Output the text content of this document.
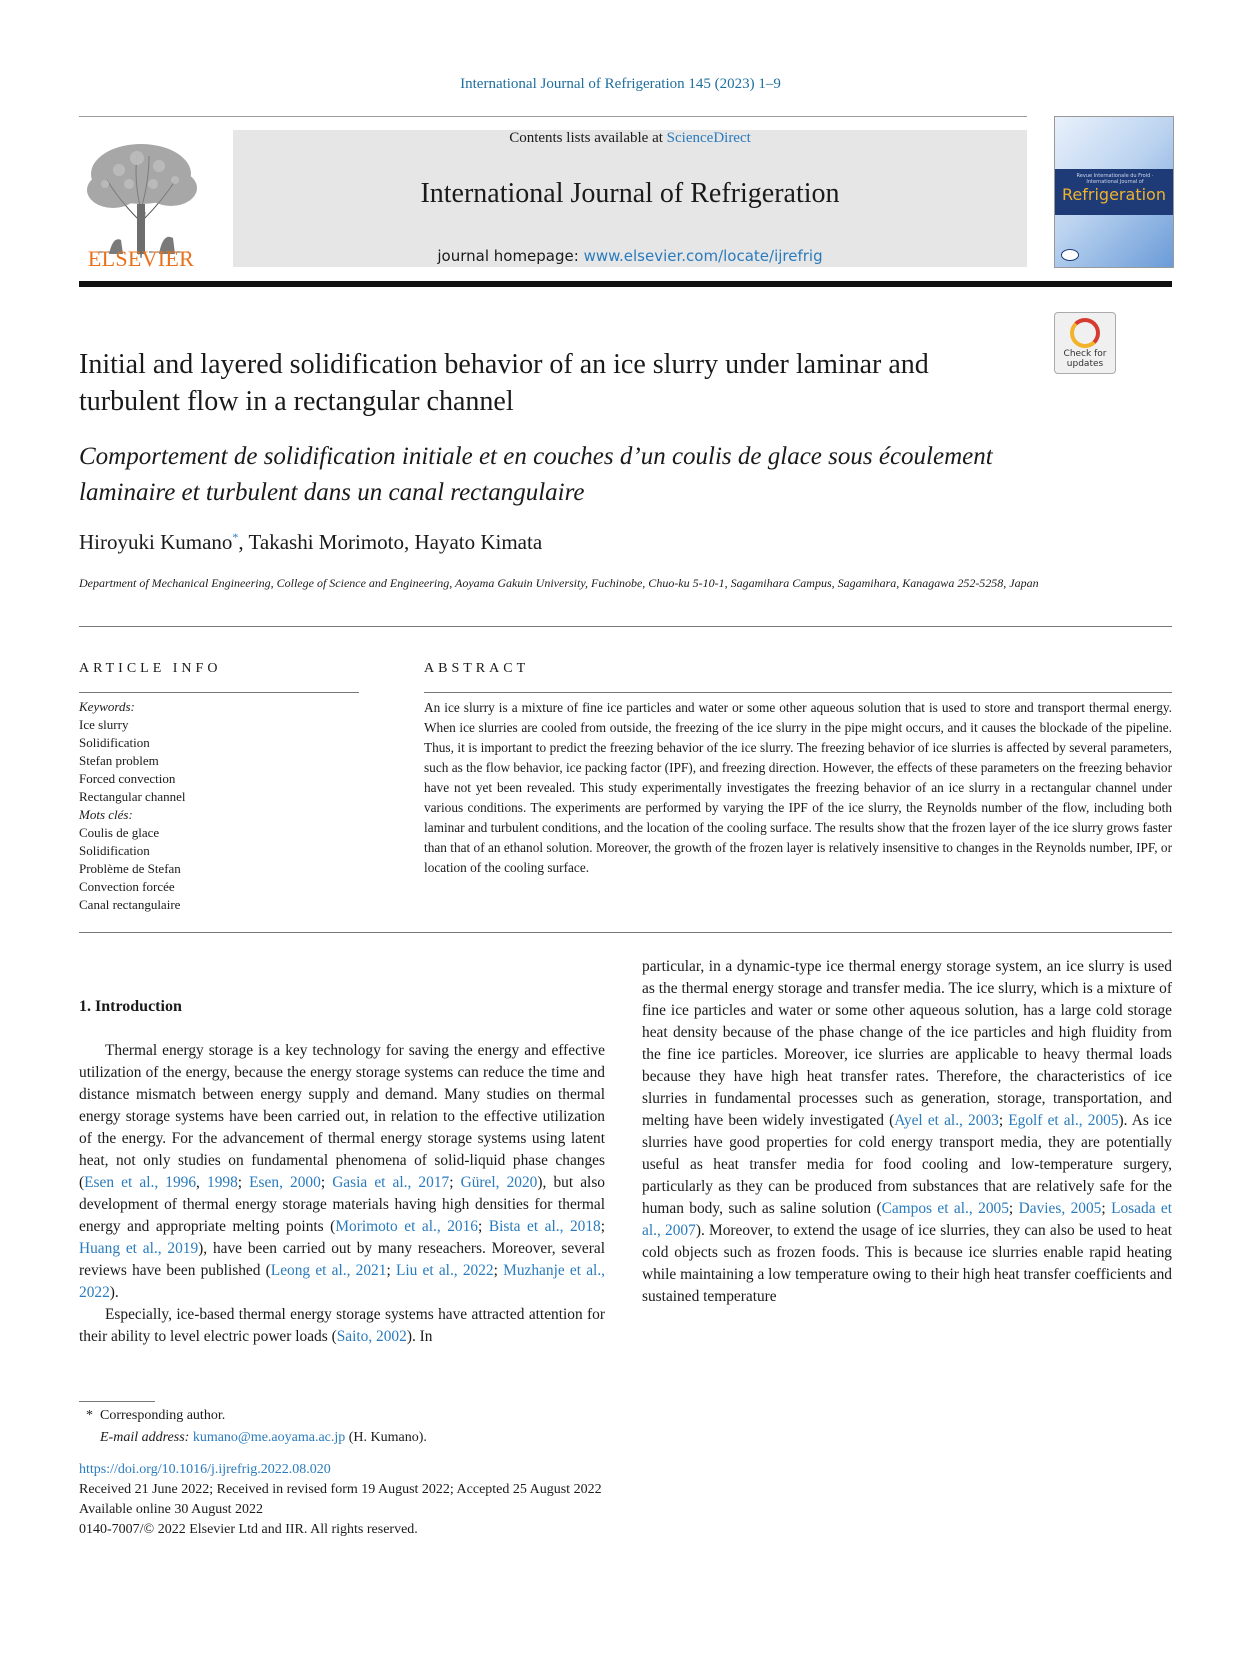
International Journal of Refrigeration 145 (2023) 1–9
ELSEVIER
Contents lists available at ScienceDirect
International Journal of Refrigeration
journal homepage: www.elsevier.com/locate/ijrefrig
Revue Internationale du Froid · International Journal of
Refrigeration
Check for
updates
Initial and layered solidification behavior of an ice slurry under laminar and turbulent flow in a rectangular channel
Comportement de solidification initiale et en couches d’un coulis de glace sous écoulement laminaire et turbulent dans un canal rectangulaire
Hiroyuki Kumano*, Takashi Morimoto, Hayato Kimata
Department of Mechanical Engineering, College of Science and Engineering, Aoyama Gakuin University, Fuchinobe, Chuo-ku 5-10-1, Sagamihara Campus, Sagamihara, Kanagawa 252-5258, Japan
ARTICLE INFO	ABSTRACT
Keywords:
Ice slurry
Solidification
Stefan problem
Forced convection
Rectangular channel
Mots clés:
Coulis de glace
Solidification
Problème de Stefan
Convection forcée
Canal rectangulaire
An ice slurry is a mixture of fine ice particles and water or some other aqueous solution that is used to store and transport thermal energy. When ice slurries are cooled from outside, the freezing of the ice slurry in the pipe might occurs, and it causes the blockade of the pipeline. Thus, it is important to predict the freezing behavior of the ice slurry. The freezing behavior of ice slurries is affected by several parameters, such as the flow behavior, ice packing factor (IPF), and freezing direction. However, the effects of these parameters on the freezing behavior have not yet been revealed. This study experimentally investigates the freezing behavior of an ice slurry in a rectangular channel under various conditions. The experiments are performed by varying the IPF of the ice slurry, the Reynolds number of the flow, including both laminar and turbulent conditions, and the location of the cooling surface. The results show that the frozen layer of the ice slurry grows faster than that of an ethanol solution. Moreover, the growth of the frozen layer is relatively insensitive to changes in the Reynolds number, IPF, or location of the cooling surface.
1. Introduction

Thermal energy storage is a key technology for saving the energy and effective utilization of the energy, because the energy storage systems can reduce the time and distance mismatch between energy supply and demand. Many studies on thermal energy storage systems have been carried out, in relation to the effective utilization of the energy. For the advancement of thermal energy storage systems using latent heat, not only studies on fundamental phenomena of solid-liquid phase changes (Esen et al., 1996, 1998; Esen, 2000; Gasia et al., 2017; Gürel, 2020), but also development of thermal energy storage materials having high densities for thermal energy and appropriate melting points (Morimoto et al., 2016; Bista et al., 2018; Huang et al., 2019), have been carried out by many reseachers. Moreover, several reviews have been published (Leong et al., 2021; Liu et al., 2022; Muzhanje et al., 2022).

Especially, ice-based thermal energy storage systems have attracted attention for their ability to level electric power loads (Saito, 2002). In

particular, in a dynamic-type ice thermal energy storage system, an ice slurry is used as the thermal energy storage and transfer media. The ice slurry, which is a mixture of fine ice particles and water or some other aqueous solution, has a large cold storage heat density because of the phase change of the ice particles and high fluidity from the fine ice particles. Moreover, ice slurries are applicable to heavy thermal loads because they have high heat transfer rates. Therefore, the characteristics of ice slurries in fundamental processes such as generation, storage, transportation, and melting have been widely investigated (Ayel et al., 2003; Egolf et al., 2005). As ice slurries have good properties for cold energy transport media, they are potentially useful as heat transfer media for food cooling and low-temperature surgery, particularly as they can be produced from substances that are relatively safe for the human body, such as saline solution (Campos et al., 2005; Davies, 2005; Losada et al., 2007). Moreover, to extend the usage of ice slurries, they can also be used to heat cold objects such as frozen foods. This is because ice slurries enable rapid heating while maintaining a low temperature owing to their high heat transfer coefficients and sustained temperature

* Corresponding author.
E-mail address: kumano@me.aoyama.ac.jp (H. Kumano).
https://doi.org/10.1016/j.ijrefrig.2022.08.020
Received 21 June 2022; Received in revised form 19 August 2022; Accepted 25 August 2022
Available online 30 August 2022
0140-7007/© 2022 Elsevier Ltd and IIR. All rights reserved.
